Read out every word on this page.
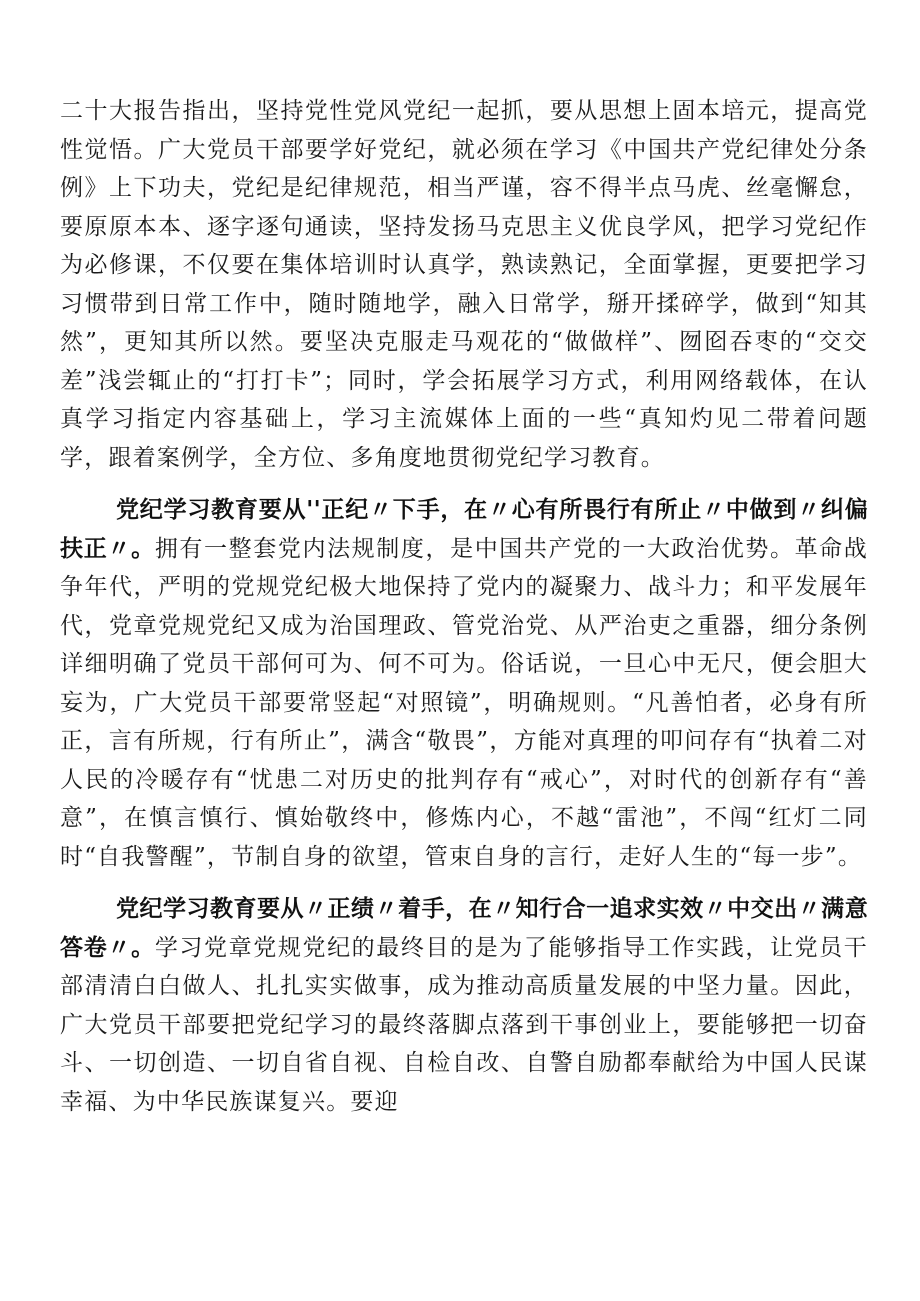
二十大报告指出，坚持党性党风党纪一起抓，要从思想上固本培元，提高党性觉悟。广大党员干部要学好党纪，就必须在学习《中国共产党纪律处分条例》上下功夫，党纪是纪律规范，相当严谨，容不得半点马虎、丝毫懈怠，要原原本本、逐字逐句通读，坚持发扬马克思主义优良学风，把学习党纪作为必修课，不仅要在集体培训时认真学，熟读熟记，全面掌握，更要把学习习惯带到日常工作中，随时随地学，融入日常学，掰开揉碎学，做到“知其然”，更知其所以然。要坚决克服走马观花的“做做样”、囫囵吞枣的“交交差”浅尝辄止的“打打卡”；同时，学会拓展学习方式，利用网络载体，在认真学习指定内容基础上，学习主流媒体上面的一些“真知灼见二带着问题学，跟着案例学，全方位、多角度地贯彻党纪学习教育。

党纪学习教育要从''正纪〃下手，在〃心有所畏行有所止〃中做到〃纠偏扶正〃。拥有一整套党内法规制度，是中国共产党的一大政治优势。革命战争年代，严明的党规党纪极大地保持了党内的凝聚力、战斗力；和平发展年代，党章党规党纪又成为治国理政、管党治党、从严治吏之重器，细分条例详细明确了党员干部何可为、何不可为。俗话说，一旦心中无尺，便会胆大妄为，广大党员干部要常竖起“对照镜”，明确规则。“凡善怕者，必身有所正，言有所规，行有所止”，满含“敬畏”，方能对真理的叩问存有“执着二对人民的冷暖存有“忧患二对历史的批判存有“戒心”，对时代的创新存有“善意”，在慎言慎行、慎始敬终中，修炼内心，不越“雷池”，不闯“红灯二同时“自我警醒”，节制自身的欲望，管束自身的言行，走好人生的“每一步”。

党纪学习教育要从〃正绩〃着手，在〃知行合一追求实效〃中交出〃满意答卷〃。学习党章党规党纪的最终目的是为了能够指导工作实践，让党员干部清清白白做人、扎扎实实做事，成为推动高质量发展的中坚力量。因此，广大党员干部要把党纪学习的最终落脚点落到干事创业上，要能够把一切奋斗、一切创造、一切自省自视、自检自改、自警自励都奉献给为中国人民谋幸福、为中华民族谋复兴。要迎
